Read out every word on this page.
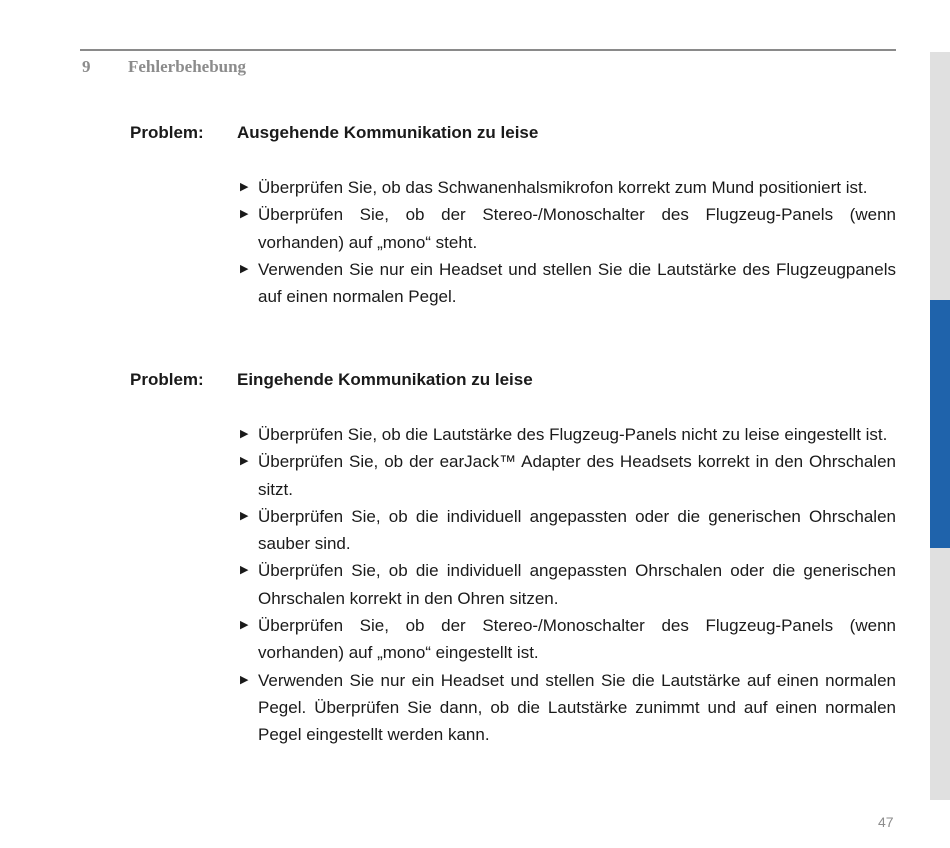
9 Fehlerbehebung
Problem: Ausgehende Kommunikation zu leise
▶ Überprüfen Sie, ob das Schwanenhalsmikrofon korrekt zum Mund positioniert ist.
▶ Überprüfen Sie, ob der Stereo-/Monoschalter des Flugzeug-Panels (wenn vorhanden) auf „mono“ steht.
▶ Verwenden Sie nur ein Headset und stellen Sie die Lautstärke des Flugzeugpanels auf einen normalen Pegel.
Problem: Eingehende Kommunikation zu leise
▶ Überprüfen Sie, ob die Lautstärke des Flugzeug-Panels nicht zu leise eingestellt ist.
▶ Überprüfen Sie, ob der earJack™ Adapter des Headsets korrekt in den Ohrschalen sitzt.
▶ Überprüfen Sie, ob die individuell angepassten oder die generischen Ohrschalen sauber sind.
▶ Überprüfen Sie, ob die individuell angepassten Ohrschalen oder die generischen Ohrschalen korrekt in den Ohren sitzen.
▶ Überprüfen Sie, ob der Stereo-/Monoschalter des Flugzeug-Panels (wenn vorhanden) auf „mono“ eingestellt ist.
▶ Verwenden Sie nur ein Headset und stellen Sie die Lautstärke auf einen normalen Pegel. Überprüfen Sie dann, ob die Lautstärke zunimmt und auf einen normalen Pegel eingestellt werden kann.
47
